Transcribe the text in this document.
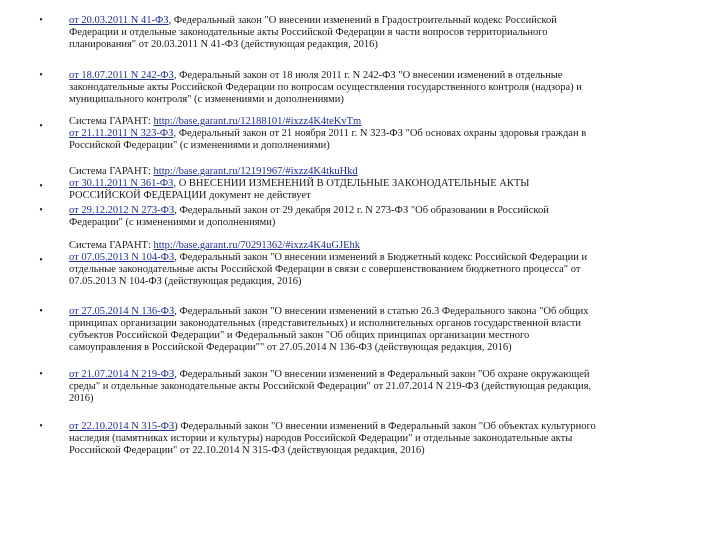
•	от 20.03.2011 N 41-ФЗ, Федеральный закон "О внесении изменений в Градостроительный кодекс Российской
Федерации и отдельные законодательные акты Российской Федерации в части вопросов территориального
планирования" от 20.03.2011 N 41-ФЗ (действующая редакция, 2016)
•	от 18.07.2011 N 242-ФЗ, Федеральный закон от 18 июля 2011 г. N 242-ФЗ "О внесении изменений в отдельные
законодательные акты Российской Федерации по вопросам осуществления государственного контроля (надзора) и
муниципального контроля" (с изменениями и дополнениями)
•	Система ГАРАНТ: http://base.garant.ru/12188101/#ixzz4K4teKvTm
от 21.11.2011 N 323-ФЗ, Федеральный закон от 21 ноября 2011 г. N 323-ФЗ "Об основах охраны здоровья граждан в
Российской Федерации" (с изменениями и дополнениями)
•
Система ГАРАНТ: http://base.garant.ru/12191967/#ixzz4K4tkuHkd
от 30.11.2011 N 361-ФЗ, О ВНЕСЕНИИ ИЗМЕНЕНИЙ В ОТДЕЛЬНЫЕ ЗАКОНОДАТЕЛЬНЫЕ АКТЫ
РОССИЙСКОЙ ФЕДЕРАЦИИ документ не действует
•	от 29.12.2012 N 273-ФЗ, Федеральный закон от 29 декабря 2012 г. N 273-ФЗ "Об образовании в Российской
Федерации" (с изменениями и дополнениями)
•
Система ГАРАНТ: http://base.garant.ru/70291362/#ixzz4K4uGJEhk
от 07.05.2013 N 104-ФЗ, Федеральный закон "О внесении изменений в Бюджетный кодекс Российской Федерации и
отдельные законодательные акты Российской Федерации в связи с совершенствованием бюджетного процесса" от
07.05.2013 N 104-ФЗ (действующая редакция, 2016)
•	от 27.05.2014 N 136-ФЗ, Федеральный закон "О внесении изменений в статью 26.3 Федерального закона "Об общих
принципах организации законодательных (представительных) и исполнительных органов государственной власти
субъектов Российской Федерации" и Федеральный закон "Об общих принципах организации местного
самоуправления в Российской Федерации"" от 27.05.2014 N 136-ФЗ (действующая редакция, 2016)
•	от 21.07.2014 N 219-ФЗ, Федеральный закон "О внесении изменений в Федеральный закон "Об охране окружающей
среды" и отдельные законодательные акты Российской Федерации" от 21.07.2014 N 219-ФЗ (действующая редакция,
2016)
•	от 22.10.2014 N 315-ФЗ) Федеральный закон "О внесении изменений в Федеральный закон "Об объектах культурного
наследия (памятниках истории и культуры) народов Российской Федерации" и отдельные законодательные акты
Российской Федерации" от 22.10.2014 N 315-ФЗ (действующая редакция, 2016)
